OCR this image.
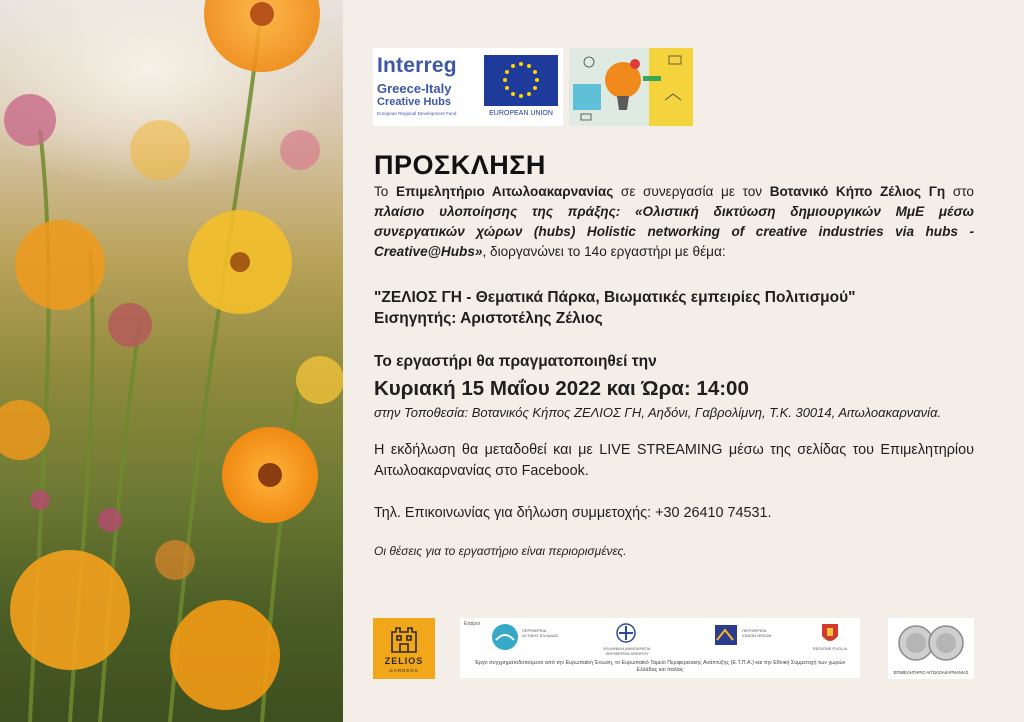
Interreg
Greece-Italy
Creative Hubs
European Regional Development Fund	EUROPEAN UNION
ΠΡΟΣΚΛΗΣΗ

Το Επιμελητήριο Αιτωλοακαρνανίας σε συνεργασία με τον Βοτανικό Κήπο Ζέλιος Γη στο πλαίσιο υλοποίησης της πράξης: «Ολιστική δικτύωση δημιουργικών ΜμΕ μέσω συνεργατικών χώρων (hubs) Holistic networking of creative industries via hubs - Creative@Hubs», διοργανώνει το 14ο εργαστήρι με θέμα:

"ΖΕΛΙΟΣ ΓΗ - Θεματικά Πάρκα, Βιωματικές εμπειρίες Πολιτισμού"
Εισηγητής: Αριστοτέλης Ζέλιος
Το εργαστήρι θα πραγματοποιηθεί την
Κυριακή 15 Μαΐου 2022 και Ώρα: 14:00
στην Τοποθεσία: Βοτανικός Κήπος ΖΕΛΙΟΣ ΓΗ, Αηδόνι, Γαβρολίμνη, Τ.Κ. 30014, Αιτωλοακαρνανία.

Η εκδήλωση θα μεταδοθεί και με LIVE STREAMING μέσω της σελίδας του Επιμελητηρίου Αιτωλοακαρνανίας στο Facebook.

Τηλ. Επικοινωνίας για δήλωση συμμετοχής: +30 26410 74531.
Οι θέσεις για το εργαστήριο είναι περιορισμένες.
ZELIOS
GARDENS
Εταίροι
ΠΕΡΙΦΕΡΕΙΑ ΔΥΤΙΚΗΣ ΕΛΛΑΔΑΣ
ΕΛΛΗΝΙΚΗ ΔΗΜΟΚΡΑΤΙΑ ΠΕΡΙΦΕΡΕΙΑ ΗΠΕΙΡΟΥ
ΠΕΡΙΦΕΡΕΙΑ ΙΟΝΙΩΝ ΝΗΣΩΝ
REGIONE PUGLIA
Έργο συγχρηματοδοτούμενο από την Ευρωπαϊκή Ένωση, το Ευρωπαϊκό Ταμείο Περιφερειακής Ανάπτυξης (Ε.Τ.Π.Α.) και την Εθνική Συμμετοχή των χωρών Ελλάδας και Ιταλίας	ΕΠΙΜΕΛΗΤΗΡΙΟ ΑΙΤΩΛΟΑΚΑΡΝΑΝΙΑΣ
